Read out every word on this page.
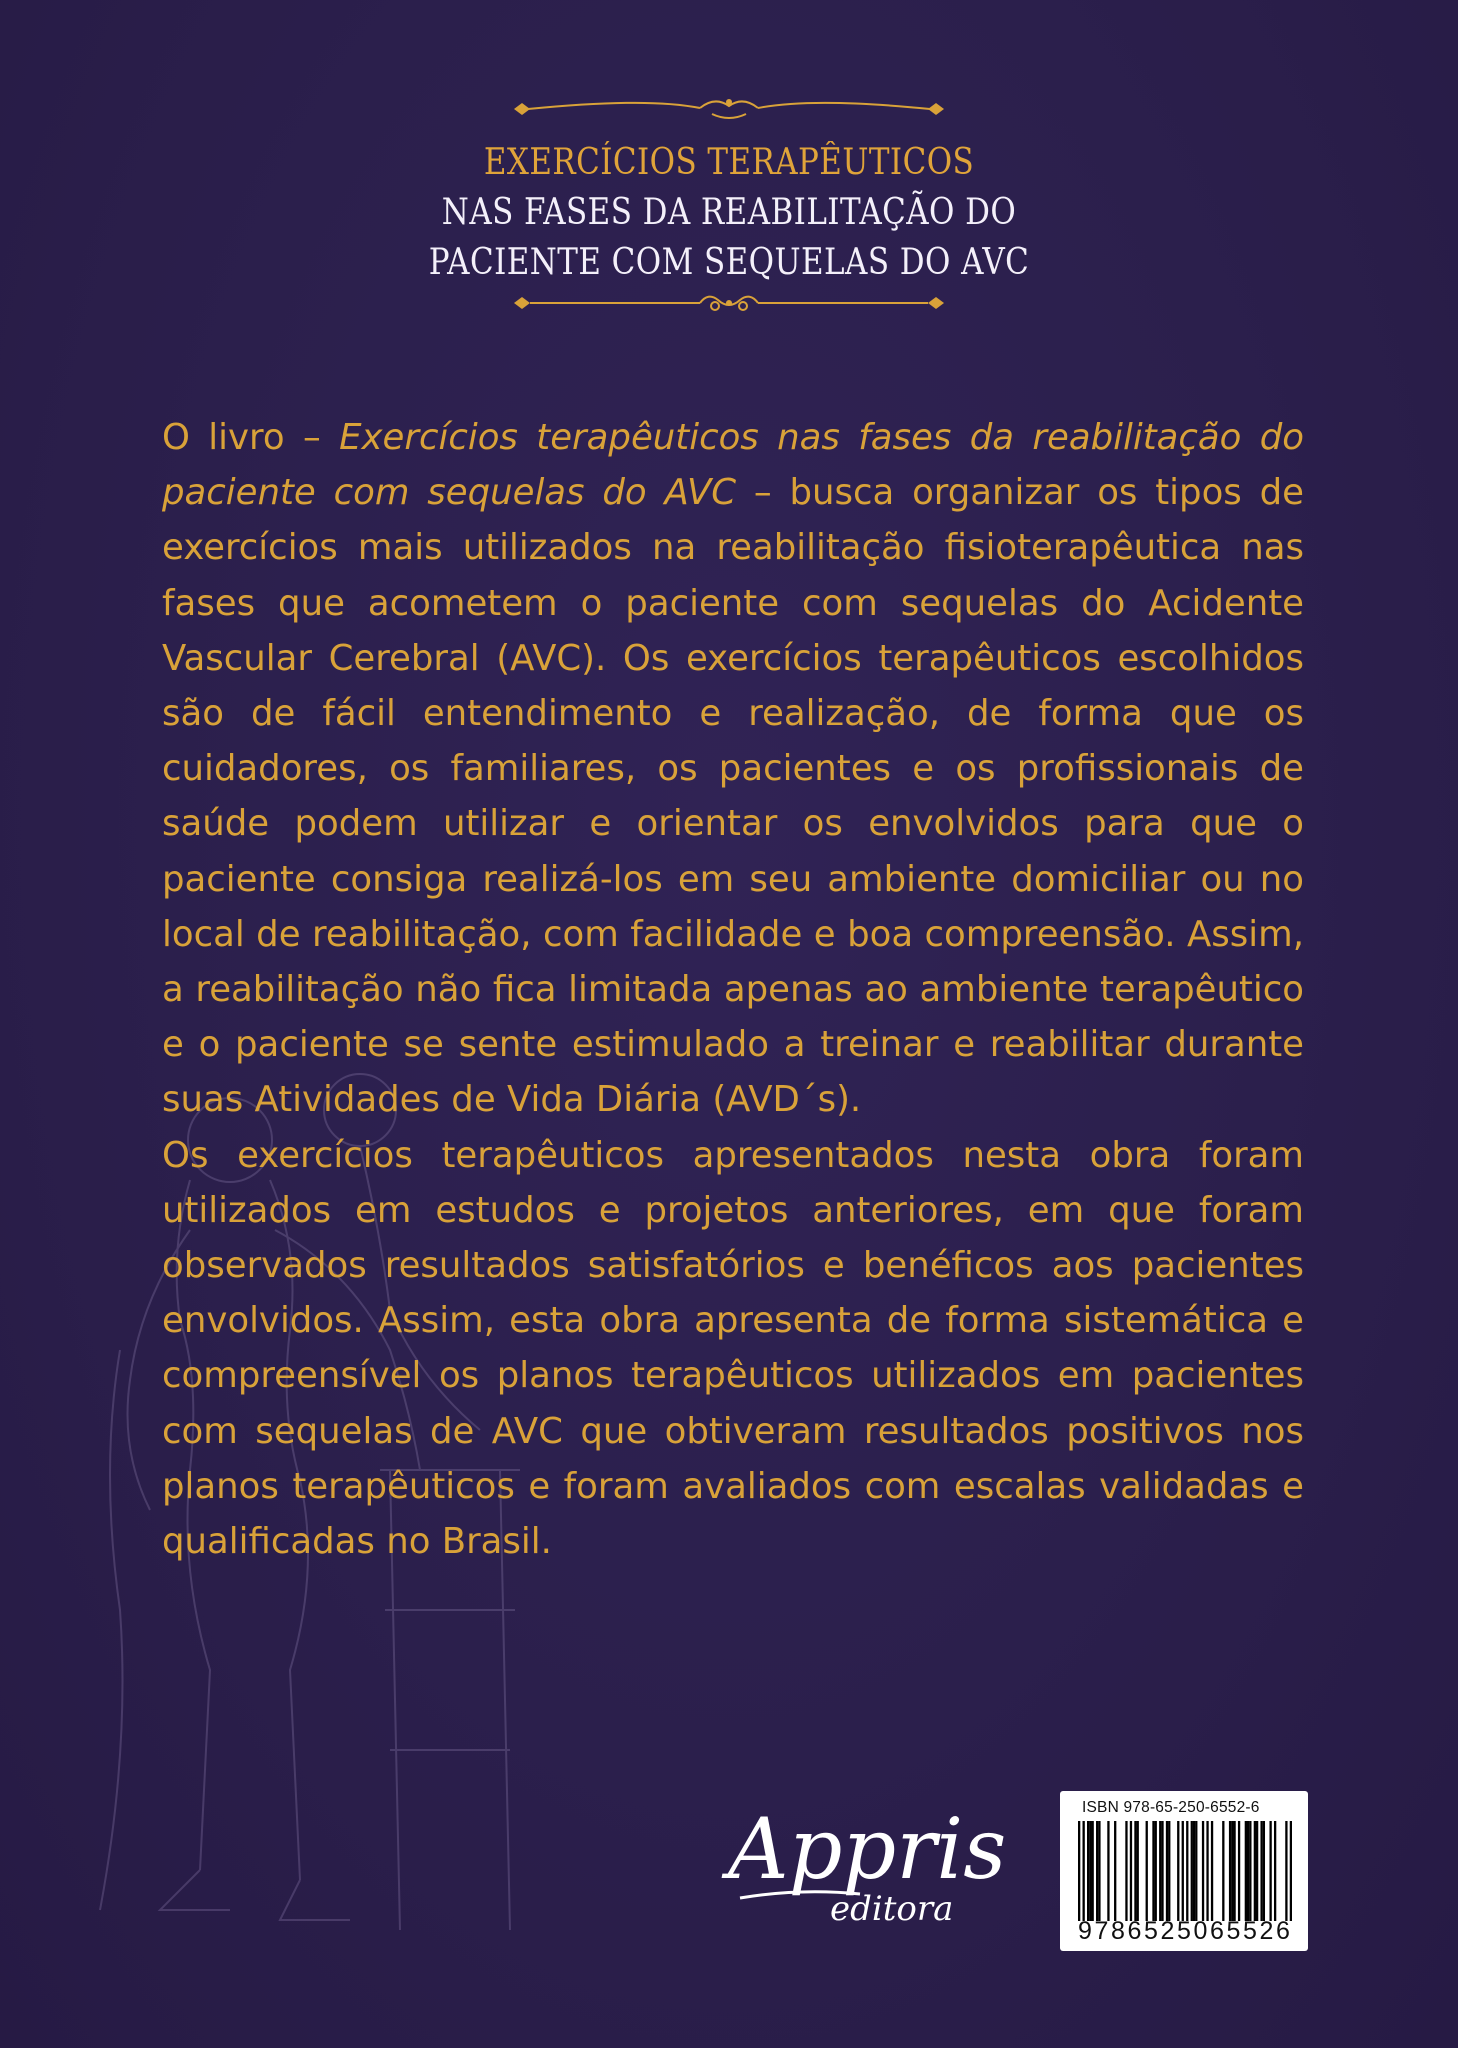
EXERCÍCIOS TERAPÊUTICOS
NAS FASES DA REABILITAÇÃO DO
PACIENTE COM SEQUELAS DO AVC

O livro – Exercícios terapêuticos nas fases da reabilitação do paciente com sequelas do AVC – busca organizar os tipos de exercícios mais utilizados na reabilitação fisioterapêutica nas fases que acometem o paciente com sequelas do Acidente Vascular Cerebral (AVC). Os exercícios terapêuticos escolhidos são de fácil entendimento e realização, de forma que os cuidadores, os familiares, os pacientes e os profissionais de saúde podem utilizar e orientar os envolvidos para que o paciente consiga realizá-los em seu ambiente domiciliar ou no local de reabilitação, com facilidade e boa compreensão. Assim, a reabilitação não fica limitada apenas ao ambiente terapêutico e o paciente se sente estimulado a treinar e reabilitar durante suas Atividades de Vida Diária (AVD´s).

Os exercícios terapêuticos apresentados nesta obra foram utilizados em estudos e projetos anteriores, em que foram observados resultados satisfatórios e benéficos aos pacientes envolvidos. Assim, esta obra apresenta de forma sistemática e compreensível os planos terapêuticos utilizados em pacientes com sequelas de AVC que obtiveram resultados positivos nos planos terapêuticos e foram avaliados com escalas validadas e qualificadas no Brasil.

Appris
editora
ISBN 978-65-250-6552-6
9786525065526
